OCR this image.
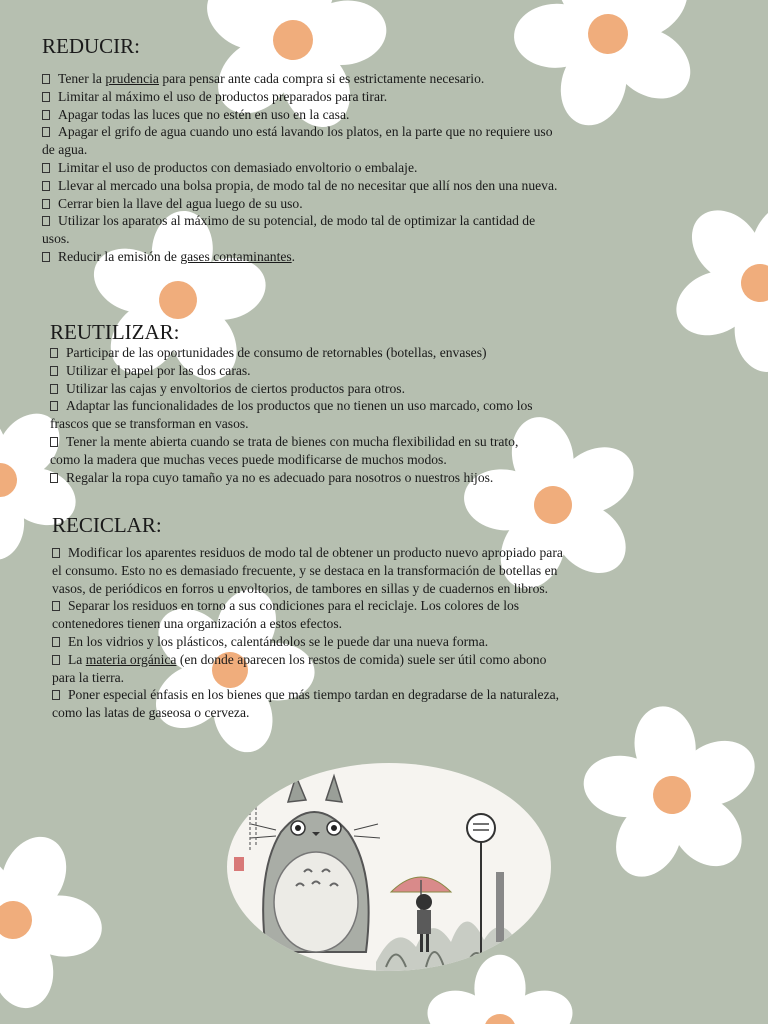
REDUCIR:
Tener la prudencia para pensar ante cada compra si es estrictamente necesario.
Limitar al máximo el uso de productos preparados para tirar.
Apagar todas las luces que no estén en uso en la casa.
Apagar el grifo de agua cuando uno está lavando los platos, en la parte que no requiere uso de agua.
Limitar el uso de productos con demasiado envoltorio o embalaje.
Llevar al mercado una bolsa propia, de modo tal de no necesitar que allí nos den una nueva.
Cerrar bien la llave del agua luego de su uso.
Utilizar los aparatos al máximo de su potencial, de modo tal de optimizar la cantidad de usos.
Reducir la emisión de gases contaminantes.
REUTILIZAR:
Participar de las oportunidades de consumo de retornables (botellas, envases)
Utilizar el papel por las dos caras.
Utilizar las cajas y envoltorios de ciertos productos para otros.
Adaptar las funcionalidades de los productos que no tienen un uso marcado, como los frascos que se transforman en vasos.
Tener la mente abierta cuando se trata de bienes con mucha flexibilidad en su trato, como la madera que muchas veces puede modificarse de muchos modos.
Regalar la ropa cuyo tamaño ya no es adecuado para nosotros o nuestros hijos.
RECICLAR:
Modificar los aparentes residuos de modo tal de obtener un producto nuevo apropiado para el consumo. Esto no es demasiado frecuente, y se destaca en la transformación de botellas en vasos, de periódicos en forros u envoltorios, de tambores en sillas y de cuadernos en libros.
Separar los residuos en torno a sus condiciones para el reciclaje. Los colores de los contenedores tienen una organización a estos efectos.
En los vidrios y los plásticos, calentándolos se le puede dar una nueva forma.
La materia orgánica (en donde aparecen los restos de comida) suele ser útil como abono para la tierra.
Poner especial énfasis en los bienes que más tiempo tardan en degradarse de la naturaleza, como las latas de gaseosa o cerveza.
